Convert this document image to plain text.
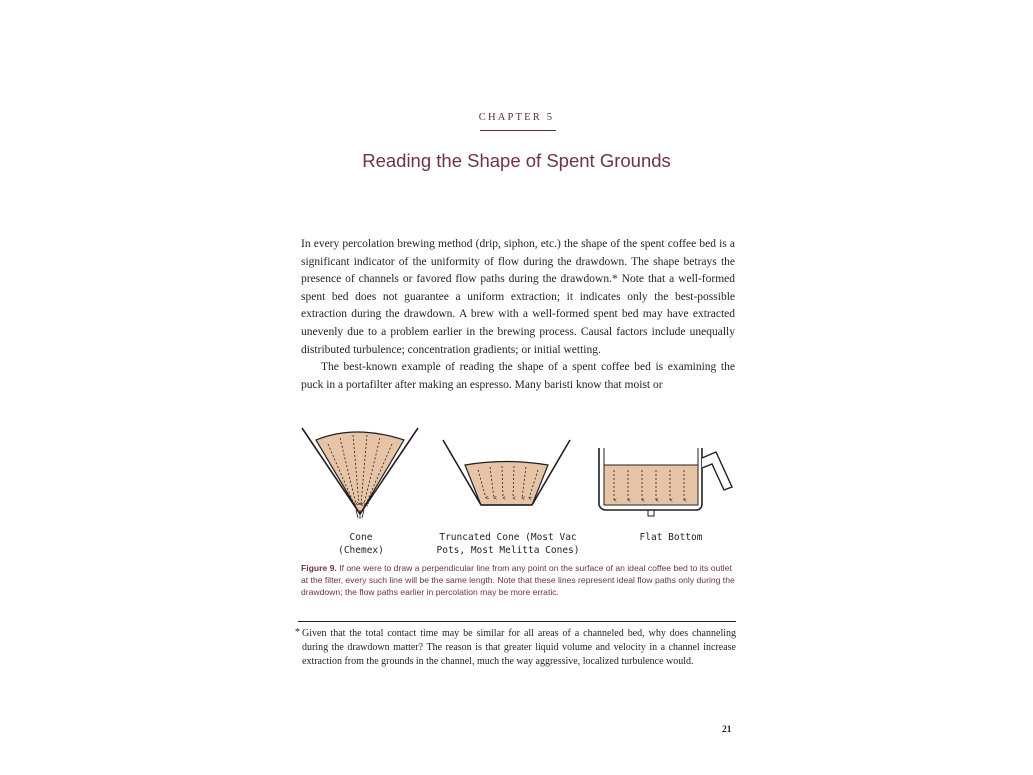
CHAPTER 5
Reading the Shape of Spent Grounds

In every percolation brewing method (drip, siphon, etc.) the shape of the spent coffee bed is a significant indicator of the uniformity of flow during the drawdown. The shape betrays the presence of channels or favored flow paths during the drawdown.* Note that a well-formed spent bed does not guarantee a uniform extraction; it indicates only the best-possible extraction during the drawdown. A brew with a well-formed spent bed may have extracted unevenly due to a problem earlier in the brewing process. Causal factors include unequally distributed turbulence; concentration gradients; or initial wetting.

The best-known example of reading the shape of a spent coffee bed is examining the puck in a portafilter after making an espresso. Many baristi know that moist or

Cone
(Chemex)
Truncated Cone (Most Vac
Pots, Most Melitta Cones)
Flat Bottom
Figure 9. If one were to draw a perpendicular line from any point on the surface of an ideal coffee bed to its outlet at the filter, every such line will be the same length. Note that these lines represent ideal flow paths only during the drawdown; the flow paths earlier in percolation may be more erratic.
* Given that the total contact time may be similar for all areas of a channeled bed, why does channeling during the drawdown matter? The reason is that greater liquid volume and velocity in a channel increase extraction from the grounds in the channel, much the way aggressive, localized turbulence would.
21
